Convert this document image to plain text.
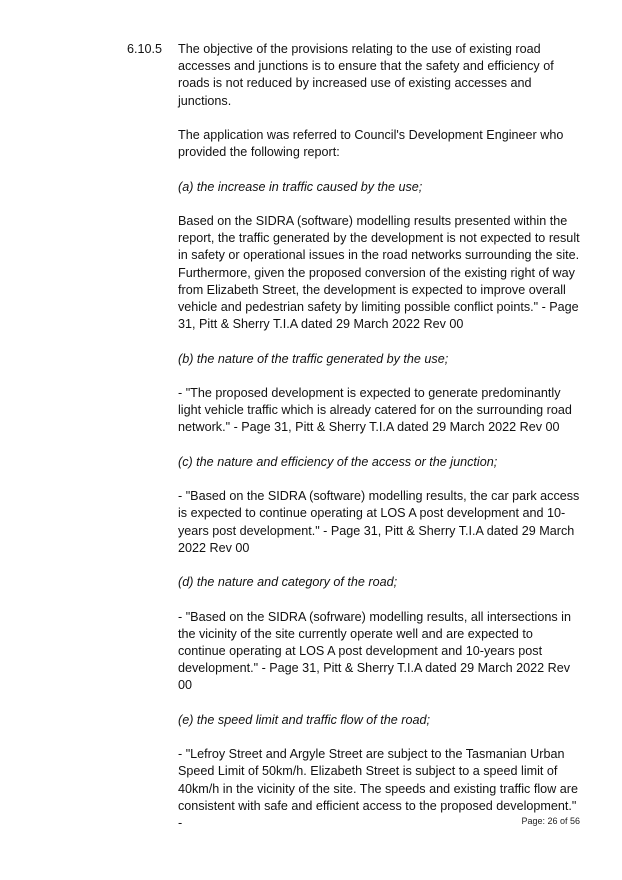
6.10.5	The objective of the provisions relating to the use of existing road accesses and junctions is to ensure that the safety and efficiency of roads is not reduced by increased use of existing accesses and junctions.

The application was referred to Council's Development Engineer who provided the following report:

(a) the increase in traffic caused by the use;

Based on the SIDRA (software) modelling results presented within the report, the traffic generated by the development is not expected to result in safety or operational issues in the road networks surrounding the site. Furthermore, given the proposed conversion of the existing right of way from Elizabeth Street, the development is expected to improve overall vehicle and pedestrian safety by limiting possible conflict points." - Page 31, Pitt & Sherry T.I.A dated 29 March 2022 Rev 00

(b) the nature of the traffic generated by the use;

- "The proposed development is expected to generate predominantly light vehicle traffic which is already catered for on the surrounding road network." - Page 31, Pitt & Sherry T.I.A dated 29 March 2022 Rev 00

(c) the nature and efficiency of the access or the junction;

- "Based on the SIDRA (software) modelling results, the car park access is expected to continue operating at LOS A post development and 10-years post development." - Page 31, Pitt & Sherry T.I.A dated 29 March 2022 Rev 00

(d) the nature and category of the road;

- "Based on the SIDRA (sofrware) modelling results, all intersections in the vicinity of the site currently operate well and are expected to continue operating at LOS A post development and 10-years post development." - Page 31, Pitt & Sherry T.I.A dated 29 March 2022 Rev 00

(e) the speed limit and traffic flow of the road;

- "Lefroy Street and Argyle Street are subject to the Tasmanian Urban Speed Limit of 50km/h. Elizabeth Street is subject to a speed limit of 40km/h in the vicinity of the site. The speeds and existing traffic flow are consistent with safe and efficient access to the proposed development." -	Page: 26 of 56
